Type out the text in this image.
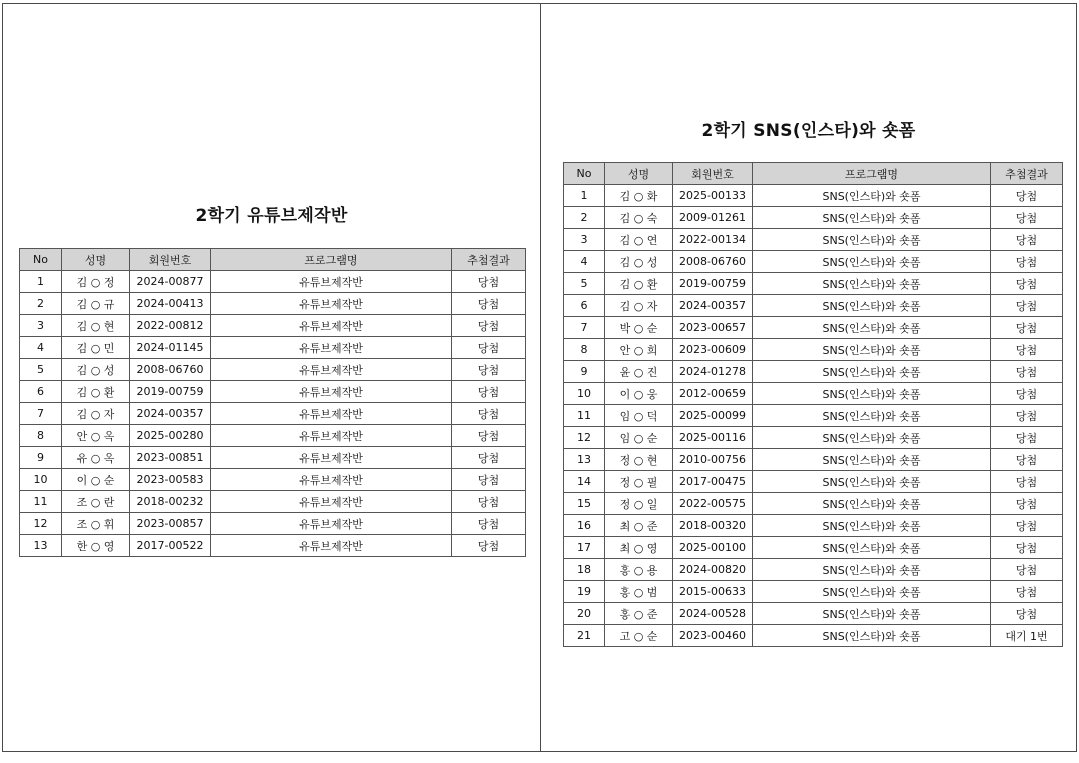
2학기 유튜브제작반
No	성명	회원번호	프로그램명	추첨결과
1	김 ○ 정	2024-00877	유튜브제작반	당첨
2	김 ○ 규	2024-00413	유튜브제작반	당첨
3	김 ○ 현	2022-00812	유튜브제작반	당첨
4	김 ○ 민	2024-01145	유튜브제작반	당첨
5	김 ○ 성	2008-06760	유튜브제작반	당첨
6	김 ○ 환	2019-00759	유튜브제작반	당첨
7	김 ○ 자	2024-00357	유튜브제작반	당첨
8	안 ○ 옥	2025-00280	유튜브제작반	당첨
9	유 ○ 옥	2023-00851	유튜브제작반	당첨
10	이 ○ 순	2023-00583	유튜브제작반	당첨
11	조 ○ 란	2018-00232	유튜브제작반	당첨
12	조 ○ 휘	2023-00857	유튜브제작반	당첨
13	한 ○ 영	2017-00522	유튜브제작반	당첨
2학기 SNS(인스타)와 숏폼
No	성명	회원번호	프로그램명	추첨결과
1	김 ○ 화	2025-00133	SNS(인스타)와 숏폼	당첨
2	김 ○ 숙	2009-01261	SNS(인스타)와 숏폼	당첨
3	김 ○ 연	2022-00134	SNS(인스타)와 숏폼	당첨
4	김 ○ 성	2008-06760	SNS(인스타)와 숏폼	당첨
5	김 ○ 환	2019-00759	SNS(인스타)와 숏폼	당첨
6	김 ○ 자	2024-00357	SNS(인스타)와 숏폼	당첨
7	박 ○ 순	2023-00657	SNS(인스타)와 숏폼	당첨
8	안 ○ 희	2023-00609	SNS(인스타)와 숏폼	당첨
9	윤 ○ 진	2024-01278	SNS(인스타)와 숏폼	당첨
10	이 ○ 웅	2012-00659	SNS(인스타)와 숏폼	당첨
11	임 ○ 덕	2025-00099	SNS(인스타)와 숏폼	당첨
12	임 ○ 순	2025-00116	SNS(인스타)와 숏폼	당첨
13	정 ○ 현	2010-00756	SNS(인스타)와 숏폼	당첨
14	정 ○ 필	2017-00475	SNS(인스타)와 숏폼	당첨
15	정 ○ 일	2022-00575	SNS(인스타)와 숏폼	당첨
16	최 ○ 준	2018-00320	SNS(인스타)와 숏폼	당첨
17	최 ○ 영	2025-00100	SNS(인스타)와 숏폼	당첨
18	홍 ○ 용	2024-00820	SNS(인스타)와 숏폼	당첨
19	홍 ○ 범	2015-00633	SNS(인스타)와 숏폼	당첨
20	홍 ○ 준	2024-00528	SNS(인스타)와 숏폼	당첨
21	고 ○ 순	2023-00460	SNS(인스타)와 숏폼	대기 1번
